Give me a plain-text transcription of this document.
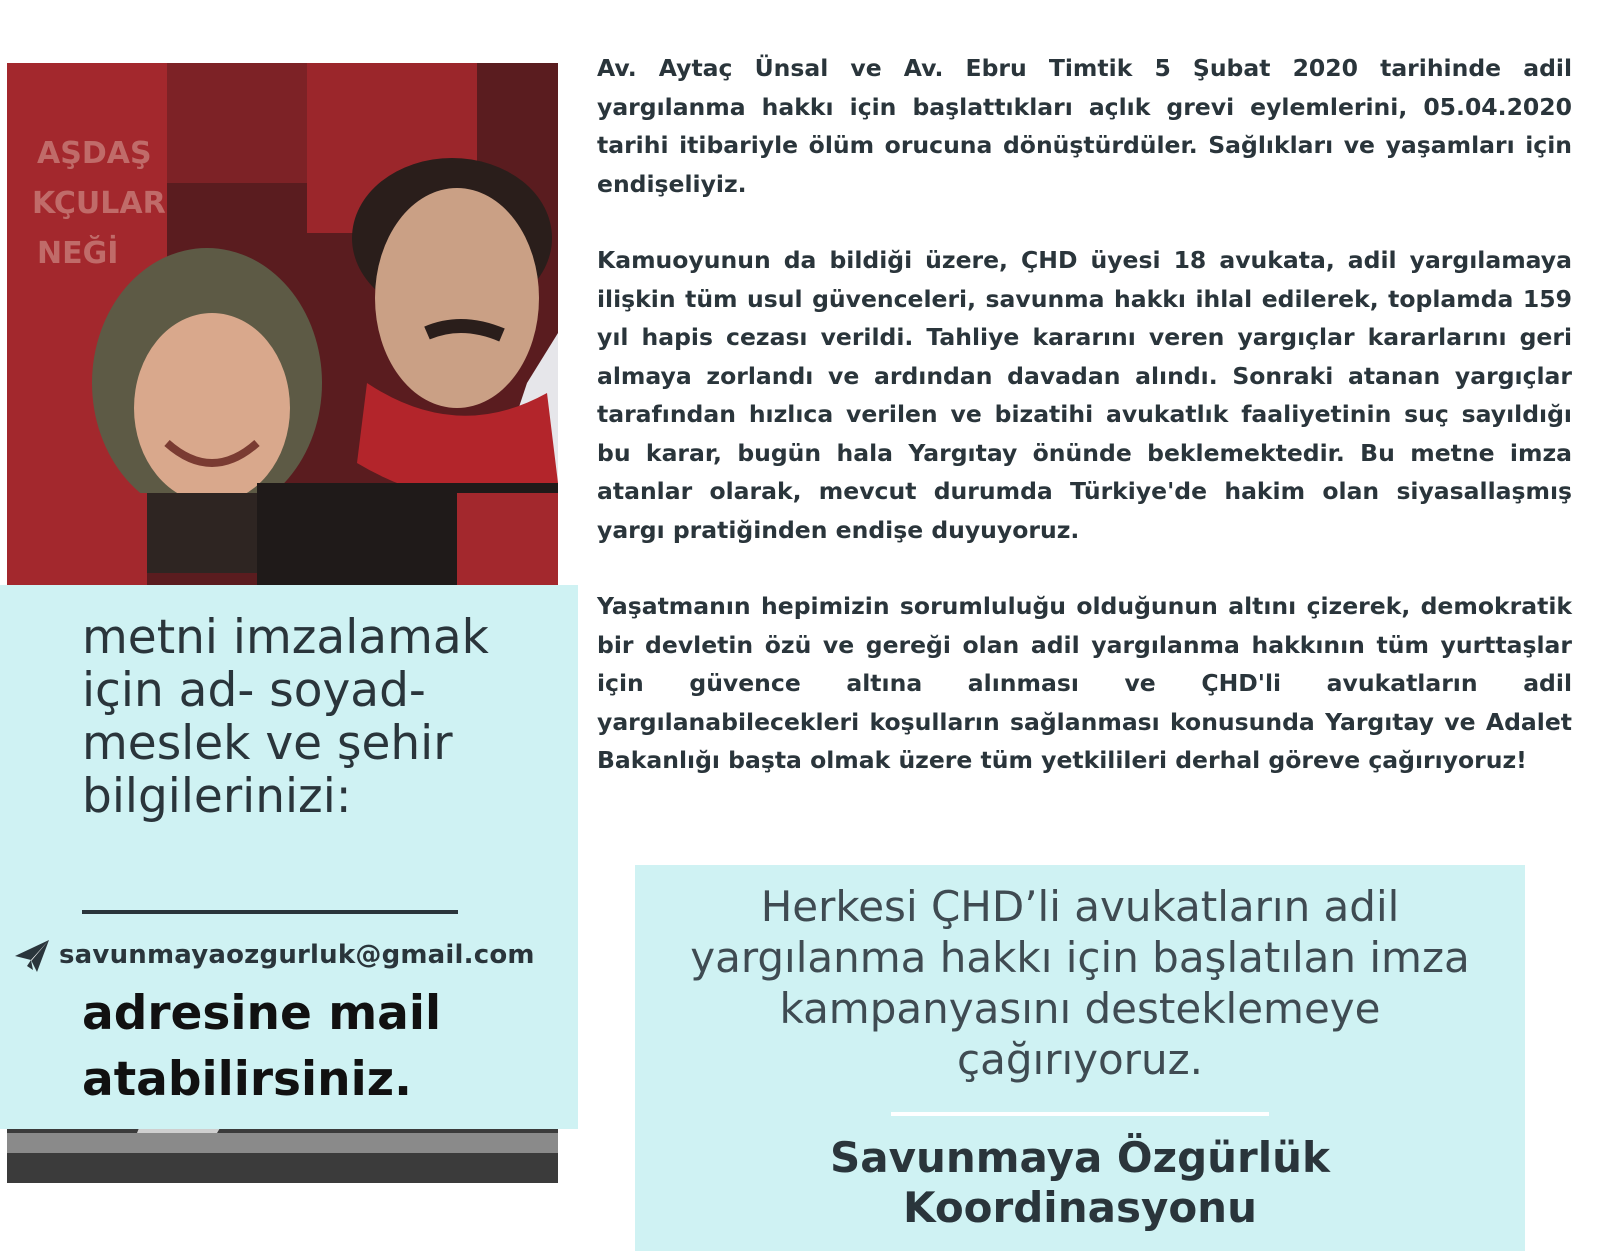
AŞDAŞ
KÇULAR
NEĞİ

Av. Aytaç Ünsal ve Av. Ebru Timtik 5 Şubat 2020 tarihinde adil yargılanma hakkı için başlattıkları açlık grevi eylemlerini, 05.04.2020 tarihi itibariyle ölüm orucuna dönüştürdüler. Sağlıkları ve yaşamları için endişeliyiz.

Kamuoyunun da bildiği üzere, ÇHD üyesi 18 avukata, adil yargılamaya ilişkin tüm usul güvenceleri, savunma hakkı ihlal edilerek, toplamda 159 yıl hapis cezası verildi. Tahliye kararını veren yargıçlar kararlarını geri almaya zorlandı ve ardından davadan alındı. Sonraki atanan yargıçlar tarafından hızlıca verilen ve bizatihi avukatlık faaliyetinin suç sayıldığı bu karar, bugün hala Yargıtay önünde beklemektedir. Bu metne imza atanlar olarak, mevcut durumda Türkiye'de hakim olan siyasallaşmış yargı pratiğinden endişe duyuyoruz.

Yaşatmanın hepimizin sorumluluğu olduğunun altını çizerek, demokratik bir devletin özü ve gereği olan adil yargılanma hakkının tüm yurttaşlar için güvence altına alınması ve ÇHD'li avukatların adil yargılanabilecekleri koşulların sağlanması konusunda Yargıtay ve Adalet Bakanlığı başta olmak üzere tüm yetkilileri derhal göreve çağırıyoruz!

metni imzalamak için ad- soyad- meslek ve şehir bilgilerinizi:

savunmayaozgurluk@gmail.com

adresine mail atabilirsiniz.

Herkesi ÇHD’li avukatların adil yargılanma hakkı için başlatılan imza kampanyasını desteklemeye çağırıyoruz.

Savunmaya Özgürlük Koordinasyonu
